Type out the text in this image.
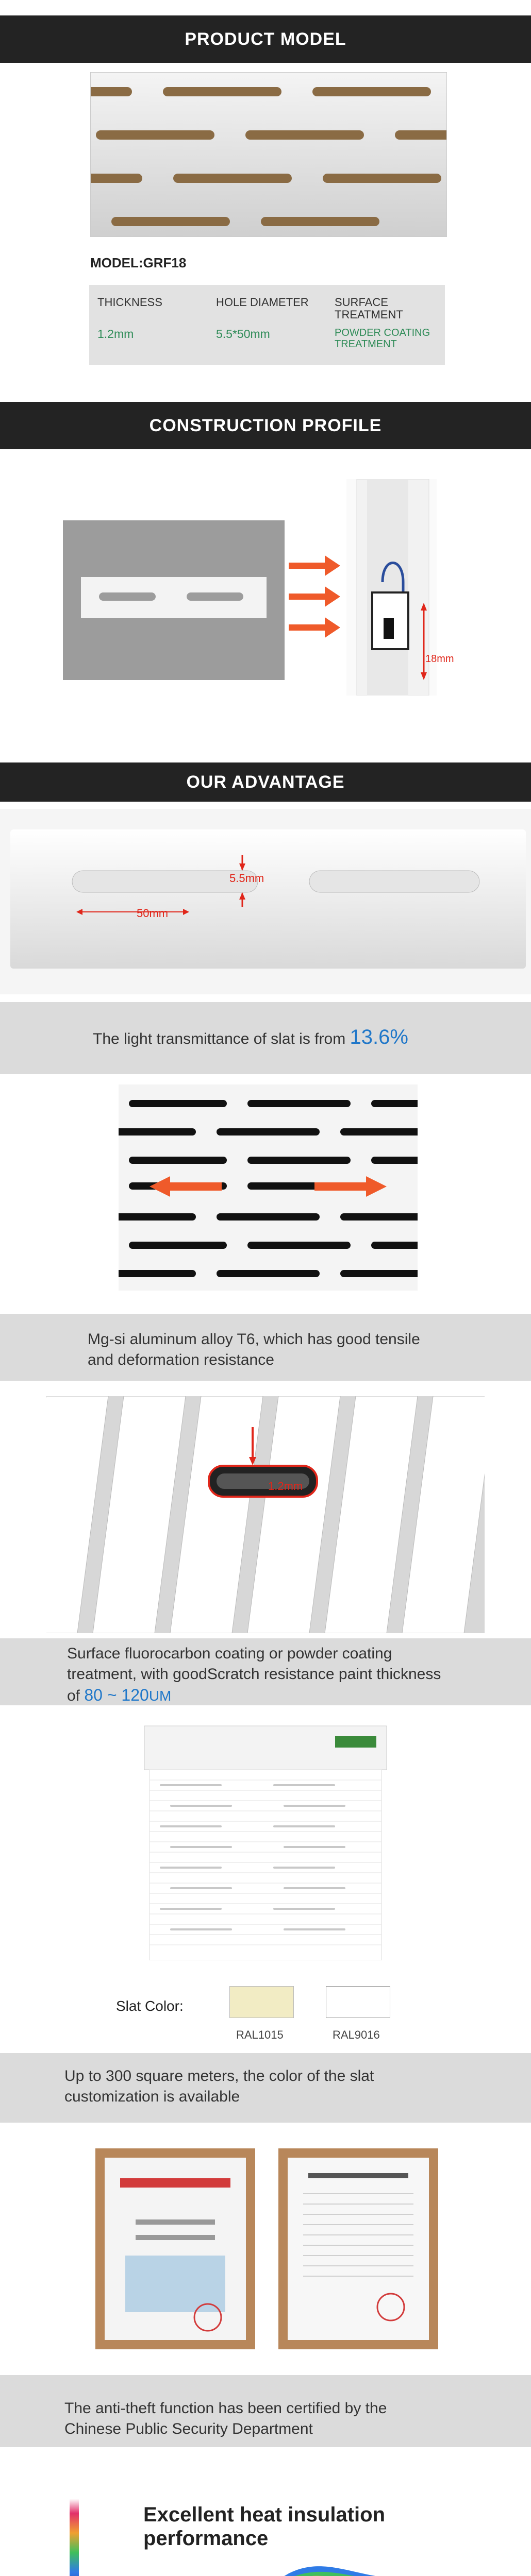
PRODUCT MODEL
MODEL:GRF18
THICKNESS
1.2mm
HOLE DIAMETER
5.5*50mm
SURFACE TREATMENT
POWDER COATING TREATMENT
CONSTRUCTION PROFILE
18mm
OUR ADVANTAGE
5.5mm
50mm
The light transmittance of slat is from 13.6%
Mg-si aluminum alloy T6, which has good tensile and deformation resistance
1.2mm
Surface fluorocarbon coating or powder coating treatment, with goodScratch resistance paint thickness of 80 ~ 120UM
Slat Color:
RAL1015	RAL9016
Up to 300 square meters, the color of the slat customization is available
The anti-theft function has been certified by the Chinese Public Security Department
Excellent heat insulation performance
